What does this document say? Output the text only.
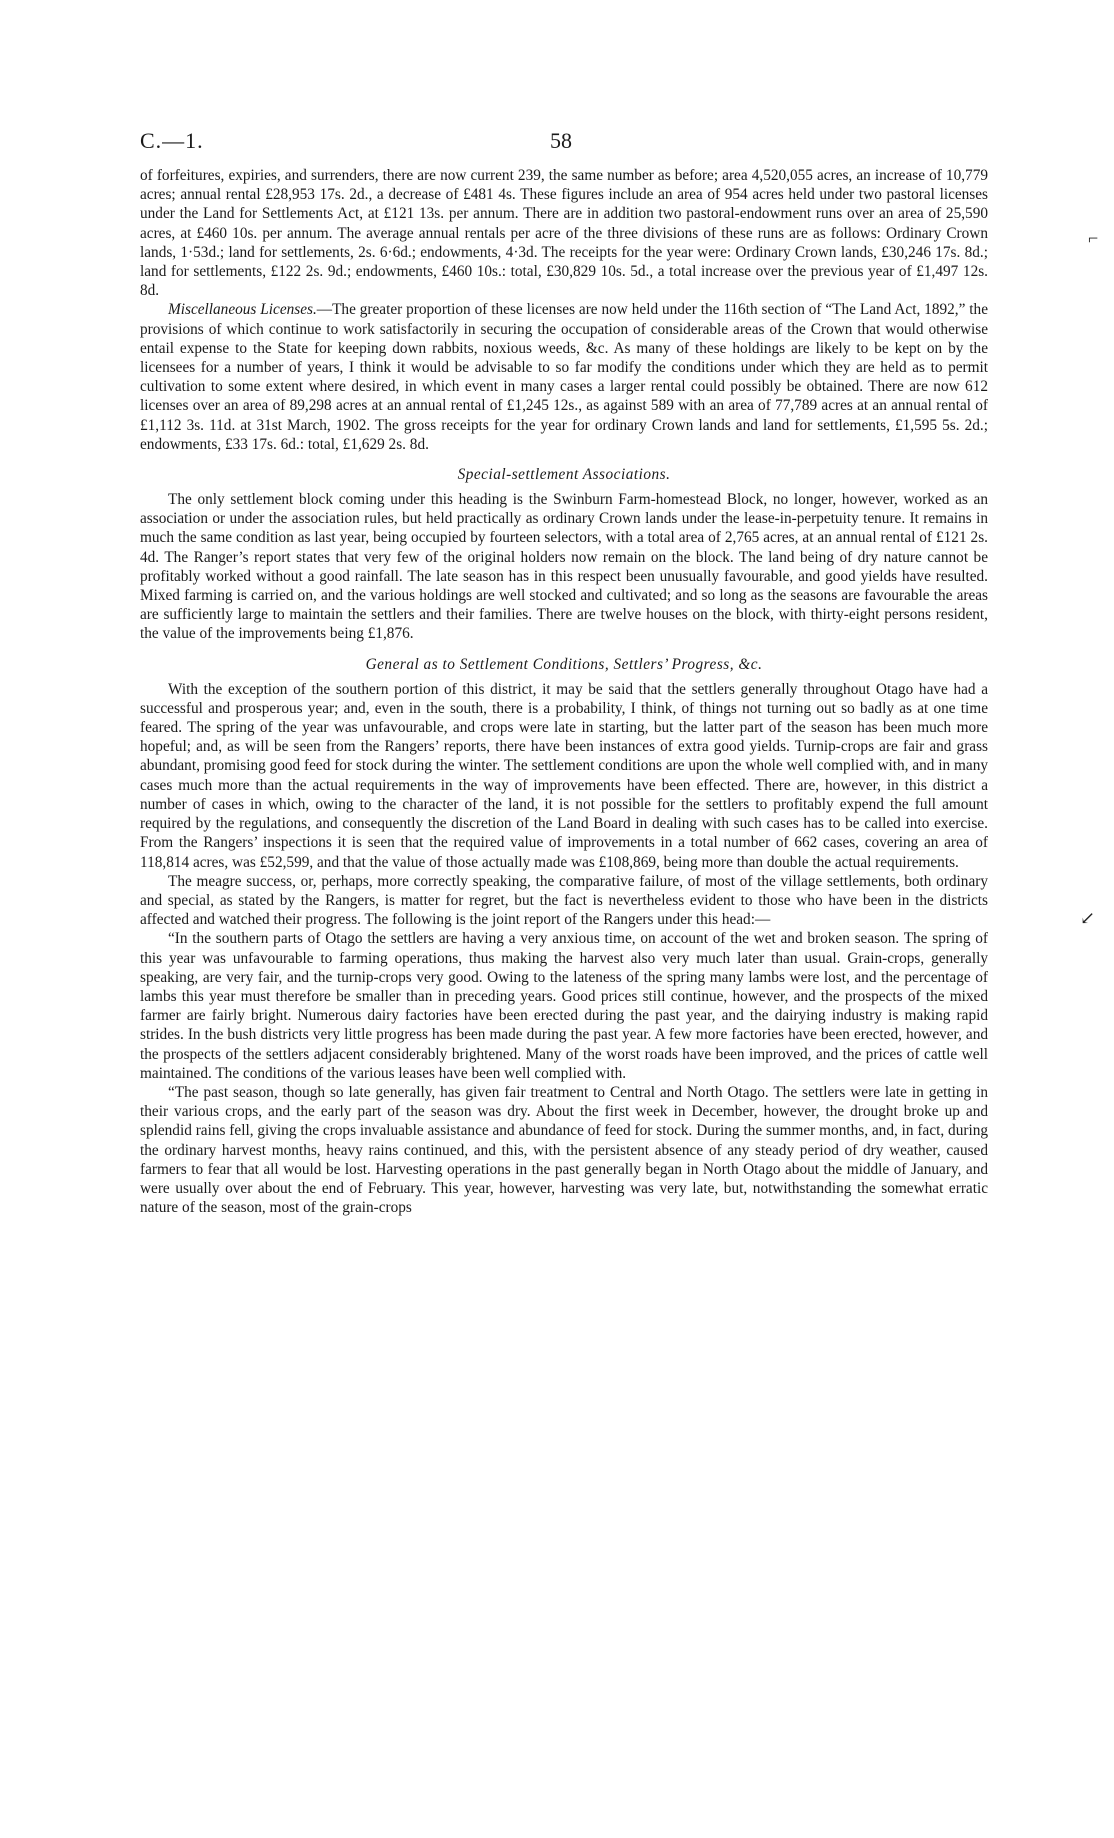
⌐
↙
C.—1.	58

of forfeitures, expiries, and surrenders, there are now current 239, the same number as before; area 4,520,055 acres, an increase of 10,779 acres; annual rental £28,953 17s. 2d., a decrease of £481 4s. These figures include an area of 954 acres held under two pastoral licenses under the Land for Settlements Act, at £121 13s. per annum. There are in addition two pastoral-endowment runs over an area of 25,590 acres, at £460 10s. per annum. The average annual rentals per acre of the three divisions of these runs are as follows: Ordinary Crown lands, 1·53d.; land for settlements, 2s. 6·6d.; endowments, 4·3d. The receipts for the year were: Ordinary Crown lands, £30,246 17s. 8d.; land for settlements, £122 2s. 9d.; endowments, £460 10s.: total, £30,829 10s. 5d., a total increase over the previous year of £1,497 12s. 8d.

Miscellaneous Licenses.—The greater proportion of these licenses are now held under the 116th section of “The Land Act, 1892,” the provisions of which continue to work satisfactorily in securing the occupation of considerable areas of the Crown that would otherwise entail expense to the State for keeping down rabbits, noxious weeds, &c. As many of these holdings are likely to be kept on by the licensees for a number of years, I think it would be advisable to so far modify the conditions under which they are held as to permit cultivation to some extent where desired, in which event in many cases a larger rental could possibly be obtained. There are now 612 licenses over an area of 89,298 acres at an annual rental of £1,245 12s., as against 589 with an area of 77,789 acres at an annual rental of £1,112 3s. 11d. at 31st March, 1902. The gross receipts for the year for ordinary Crown lands and land for settlements, £1,595 5s. 2d.; endowments, £33 17s. 6d.: total, £1,629 2s. 8d.

Special-settlement Associations.

The only settlement block coming under this heading is the Swinburn Farm-homestead Block, no longer, however, worked as an association or under the association rules, but held practically as ordinary Crown lands under the lease-in-perpetuity tenure. It remains in much the same condition as last year, being occupied by fourteen selectors, with a total area of 2,765 acres, at an annual rental of £121 2s. 4d. The Ranger’s report states that very few of the original holders now remain on the block. The land being of dry nature cannot be profitably worked without a good rainfall. The late season has in this respect been unusually favourable, and good yields have resulted. Mixed farming is carried on, and the various holdings are well stocked and cultivated; and so long as the seasons are favourable the areas are sufficiently large to maintain the settlers and their families. There are twelve houses on the block, with thirty-eight persons resident, the value of the improvements being £1,876.

General as to Settlement Conditions, Settlers’ Progress, &c.

With the exception of the southern portion of this district, it may be said that the settlers generally throughout Otago have had a successful and prosperous year; and, even in the south, there is a probability, I think, of things not turning out so badly as at one time feared. The spring of the year was unfavourable, and crops were late in starting, but the latter part of the season has been much more hopeful; and, as will be seen from the Rangers’ reports, there have been instances of extra good yields. Turnip-crops are fair and grass abundant, promising good feed for stock during the winter. The settlement conditions are upon the whole well complied with, and in many cases much more than the actual requirements in the way of improvements have been effected. There are, however, in this district a number of cases in which, owing to the character of the land, it is not possible for the settlers to profitably expend the full amount required by the regulations, and consequently the discretion of the Land Board in dealing with such cases has to be called into exercise. From the Rangers’ inspections it is seen that the required value of improvements in a total number of 662 cases, covering an area of 118,814 acres, was £52,599, and that the value of those actually made was £108,869, being more than double the actual requirements.

The meagre success, or, perhaps, more correctly speaking, the comparative failure, of most of the village settlements, both ordinary and special, as stated by the Rangers, is matter for regret, but the fact is nevertheless evident to those who have been in the districts affected and watched their progress. The following is the joint report of the Rangers under this head:—

“In the southern parts of Otago the settlers are having a very anxious time, on account of the wet and broken season. The spring of this year was unfavourable to farming operations, thus making the harvest also very much later than usual. Grain-crops, generally speaking, are very fair, and the turnip-crops very good. Owing to the lateness of the spring many lambs were lost, and the percentage of lambs this year must therefore be smaller than in preceding years. Good prices still continue, however, and the prospects of the mixed farmer are fairly bright. Numerous dairy factories have been erected during the past year, and the dairying industry is making rapid strides. In the bush districts very little progress has been made during the past year. A few more factories have been erected, however, and the prospects of the settlers adjacent considerably brightened. Many of the worst roads have been improved, and the prices of cattle well maintained. The conditions of the various leases have been well complied with.

“The past season, though so late generally, has given fair treatment to Central and North Otago. The settlers were late in getting in their various crops, and the early part of the season was dry. About the first week in December, however, the drought broke up and splendid rains fell, giving the crops invaluable assistance and abundance of feed for stock. During the summer months, and, in fact, during the ordinary harvest months, heavy rains continued, and this, with the persistent absence of any steady period of dry weather, caused farmers to fear that all would be lost. Harvesting operations in the past generally began in North Otago about the middle of January, and were usually over about the end of February. This year, however, harvesting was very late, but, notwithstanding the somewhat erratic nature of the season, most of the grain-crops
